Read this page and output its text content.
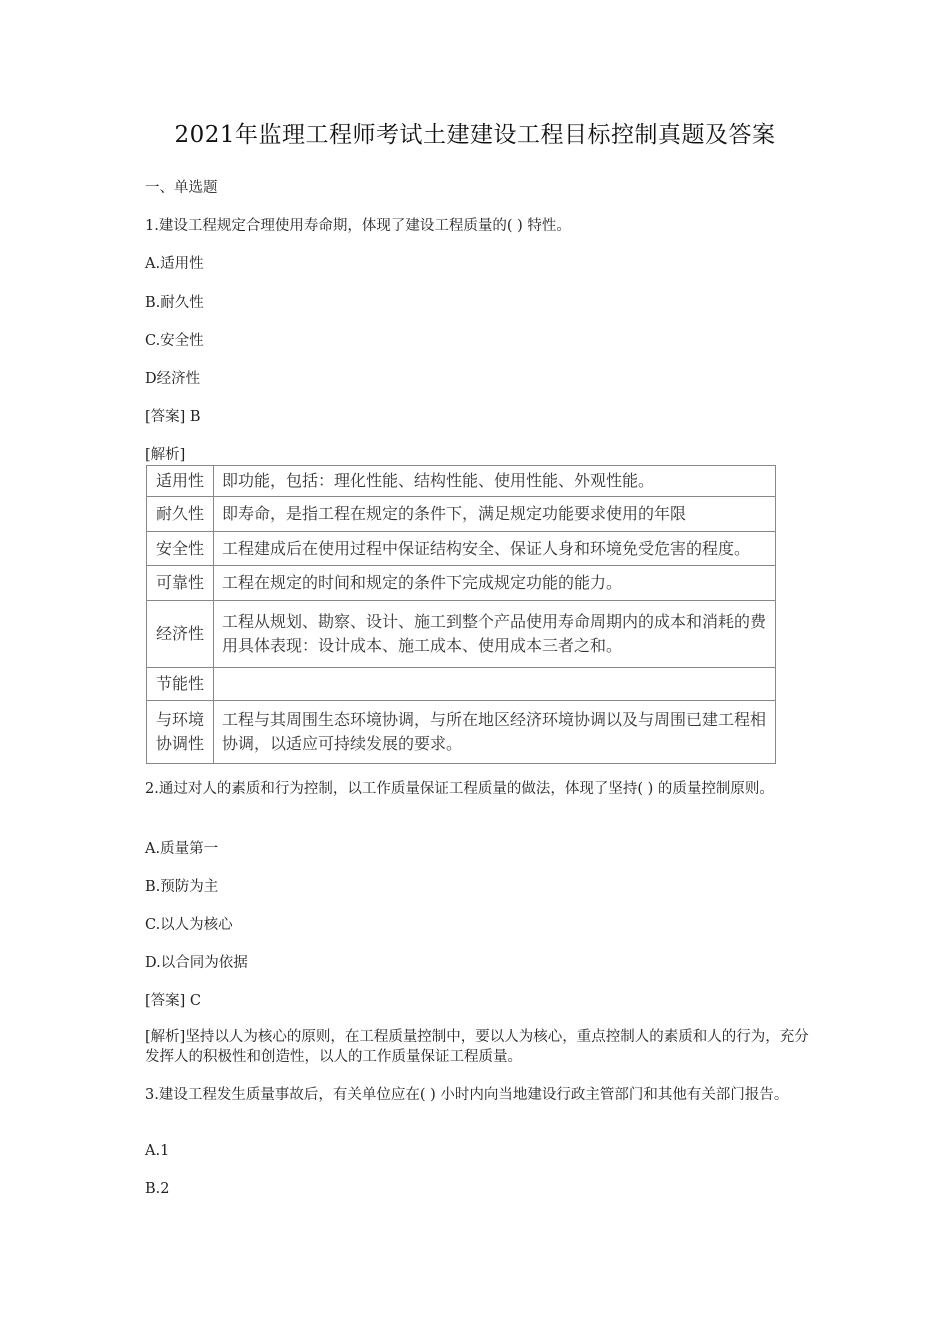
2021年监理工程师考试土建建设工程目标控制真题及答案
一、单选题
1.建设工程规定合理使用寿命期，体现了建设工程质量的( ) 特性。
A.适用性
B.耐久性
C.安全性
D经济性
[答案] B
[解析]
适用性	即功能，包括：理化性能、结构性能、使用性能、外观性能。
耐久性	即寿命，是指工程在规定的条件下，满足规定功能要求使用的年限
安全性	工程建成后在使用过程中保证结构安全、保证人身和环境免受危害的程度。
可靠性	工程在规定的时间和规定的条件下完成规定功能的能力。
经济性	工程从规划、勘察、设计、施工到整个产品使用寿命周期内的成本和消耗的费用具体表现：设计成本、施工成本、使用成本三者之和。
节能性	
与环境协调性	工程与其周围生态环境协调，与所在地区经济环境协调以及与周围已建工程相协调，以适应可持续发展的要求。
2.通过对人的素质和行为控制，以工作质量保证工程质量的做法，体现了坚持( ) 的质量控制原则。
A.质量第一
B.预防为主
C.以人为核心
D.以合同为依据
[答案] C
[解析]坚持以人为核心的原则，在工程质量控制中，要以人为核心，重点控制人的素质和人的行为，充分发挥人的积极性和创造性，以人的工作质量保证工程质量。
3.建设工程发生质量事故后，有关单位应在( ) 小时内向当地建设行政主管部门和其他有关部门报告。
A.1
B.2
